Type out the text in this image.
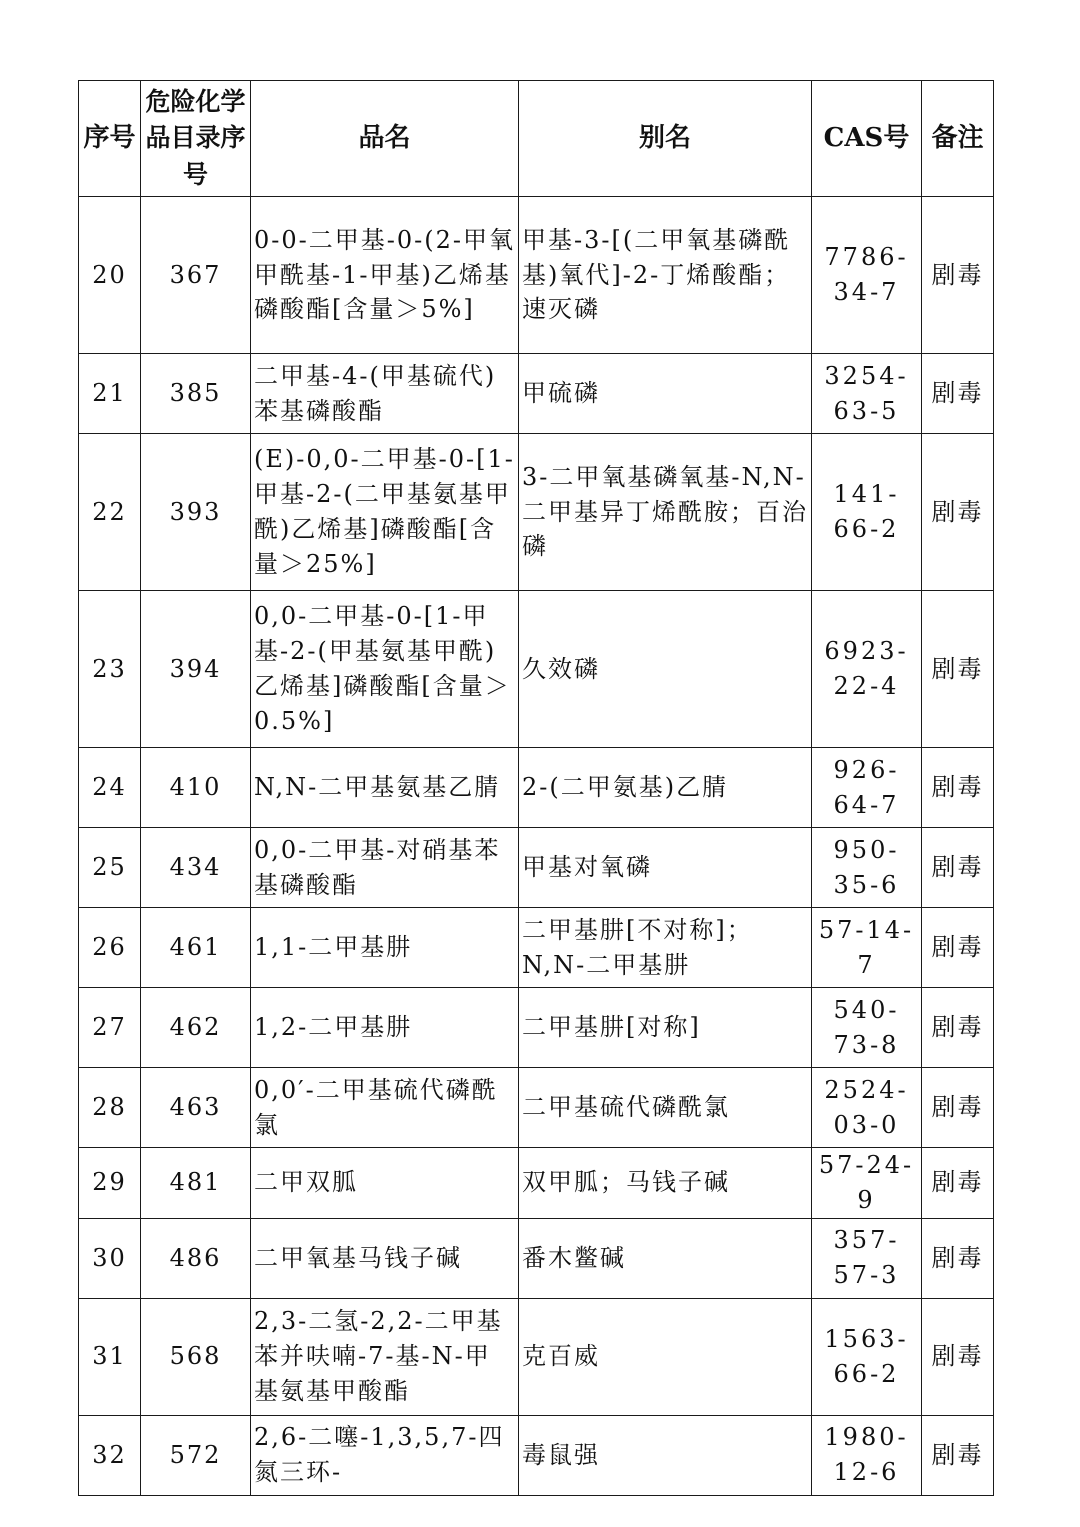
序号	危险化学品目录序号	品名	别名	CAS号	备注
20	367	0-0-二甲基-0-(2-甲氧甲酰基-1-甲基)乙烯基磷酸酯[含量＞5%]	甲基-3-[(二甲氧基磷酰基)氧代]-2-丁烯酸酯；速灭磷	7786-34-7	剧毒
21	385	二甲基-4-(甲基硫代)苯基磷酸酯	甲硫磷	3254-63-5	剧毒
22	393	(E)-0,0-二甲基-0-[1-甲基-2-(二甲基氨基甲酰)乙烯基]磷酸酯[含量＞25%]	3-二甲氧基磷氧基-N,N-二甲基异丁烯酰胺；百治磷	141-66-2	剧毒
23	394	0,0-二甲基-0-[1-甲基-2-(甲基氨基甲酰)乙烯基]磷酸酯[含量＞0.5%]	久效磷	6923-22-4	剧毒
24	410	N,N-二甲基氨基乙腈	2-(二甲氨基)乙腈	926-64-7	剧毒
25	434	0,0-二甲基-对硝基苯基磷酸酯	甲基对氧磷	950-35-6	剧毒
26	461	1,1-二甲基肼	二甲基肼[不对称]；N,N-二甲基肼	57-14-7	剧毒
27	462	1,2-二甲基肼	二甲基肼[对称]	540-73-8	剧毒
28	463	0,0′-二甲基硫代磷酰氯	二甲基硫代磷酰氯	2524-03-0	剧毒
29	481	二甲双胍	双甲胍；马钱子碱	57-24-9	剧毒
30	486	二甲氧基马钱子碱	番木鳖碱	357-57-3	剧毒
31	568	2,3-二氢-2,2-二甲基苯并呋喃-7-基-N-甲基氨基甲酸酯	克百威	1563-66-2	剧毒
32	572	2,6-二噻-1,3,5,7-四氮三环-	毒鼠强	1980-12-6	剧毒
